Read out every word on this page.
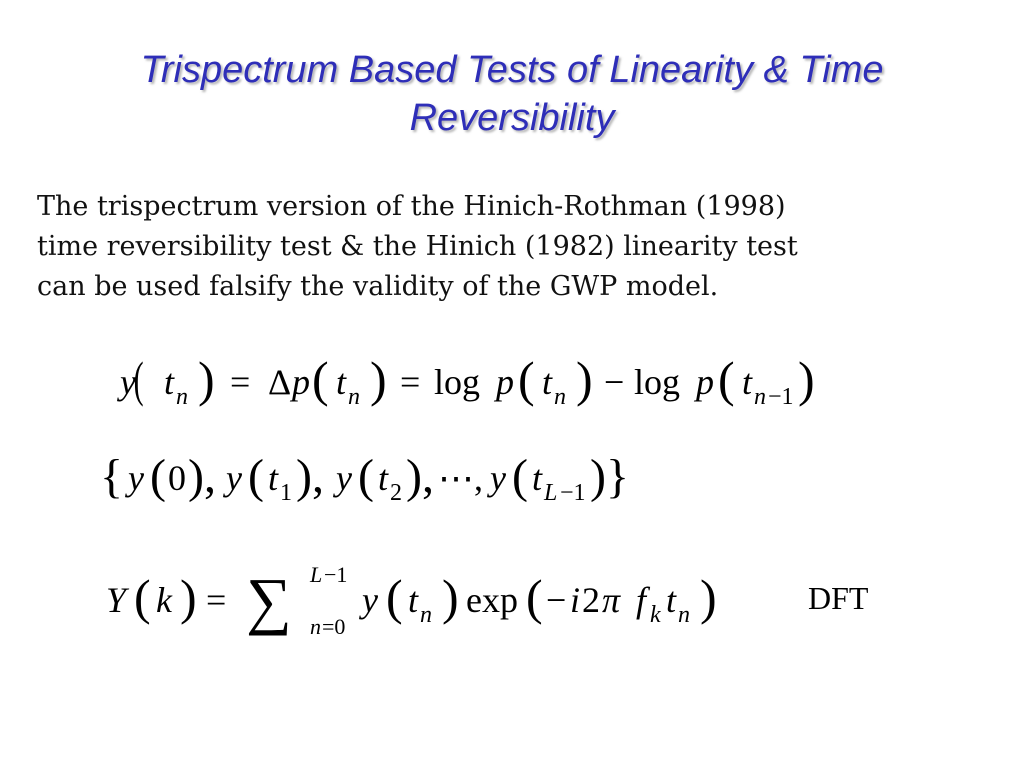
Trispectrum Based Tests of Linearity & Time
Reversibility
The trispectrum version of the Hinich-Rothman (1998)
time reversibility test & the Hinich (1982) linearity test
can be used falsify the validity of the GWP model.
y
( t n ) = Δ p ( t n ) = log p ( t n ) − log p ( t n −1 )
{ y ( 0 ), y ( t 1 ), y ( t 2 ), ⋯, y ( t L −1 )}
Y ( k ) = ∑ L −1
n =0
y ( t n ) exp ( − i 2 π f k t n )	DFT
